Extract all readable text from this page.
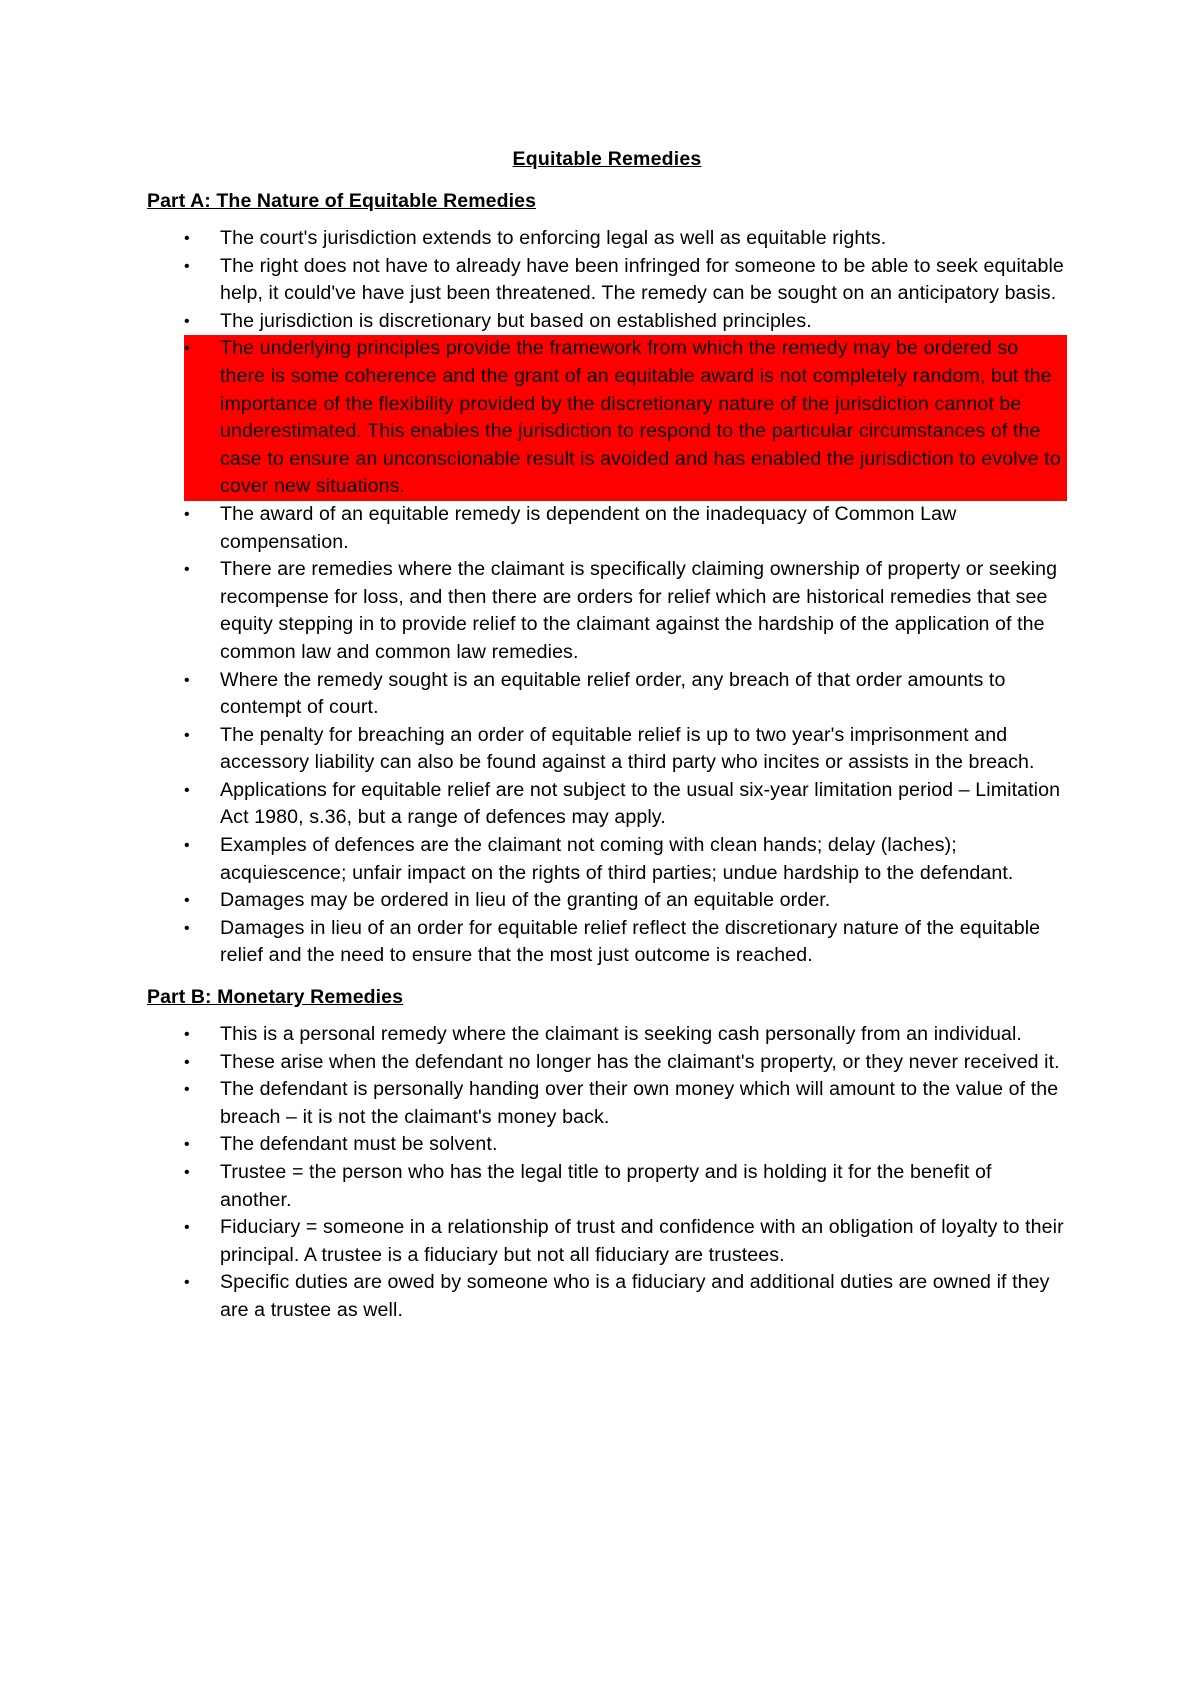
Equitable Remedies
Part A: The Nature of Equitable Remedies
• The court's jurisdiction extends to enforcing legal as well as equitable rights.
• The right does not have to already have been infringed for someone to be able to seek equitable help, it could've have just been threatened. The remedy can be sought on an anticipatory basis.
• The jurisdiction is discretionary but based on established principles.
• The underlying principles provide the framework from which the remedy may be ordered so there is some coherence and the grant of an equitable award is not completely random, but the importance of the flexibility provided by the discretionary nature of the jurisdiction cannot be underestimated. This enables the jurisdiction to respond to the particular circumstances of the case to ensure an unconscionable result is avoided and has enabled the jurisdiction to evolve to cover new situations.
• The award of an equitable remedy is dependent on the inadequacy of Common Law compensation.
• There are remedies where the claimant is specifically claiming ownership of property or seeking recompense for loss, and then there are orders for relief which are historical remedies that see equity stepping in to provide relief to the claimant against the hardship of the application of the common law and common law remedies.
• Where the remedy sought is an equitable relief order, any breach of that order amounts to contempt of court.
• The penalty for breaching an order of equitable relief is up to two year's imprisonment and accessory liability can also be found against a third party who incites or assists in the breach.
• Applications for equitable relief are not subject to the usual six-year limitation period – Limitation Act 1980, s.36, but a range of defences may apply.
• Examples of defences are the claimant not coming with clean hands; delay (laches); acquiescence; unfair impact on the rights of third parties; undue hardship to the defendant.
• Damages may be ordered in lieu of the granting of an equitable order.
• Damages in lieu of an order for equitable relief reflect the discretionary nature of the equitable relief and the need to ensure that the most just outcome is reached.
Part B: Monetary Remedies
• This is a personal remedy where the claimant is seeking cash personally from an individual.
• These arise when the defendant no longer has the claimant's property, or they never received it.
• The defendant is personally handing over their own money which will amount to the value of the breach – it is not the claimant's money back.
• The defendant must be solvent.
• Trustee = the person who has the legal title to property and is holding it for the benefit of another.
• Fiduciary = someone in a relationship of trust and confidence with an obligation of loyalty to their principal. A trustee is a fiduciary but not all fiduciary are trustees.
• Specific duties are owed by someone who is a fiduciary and additional duties are owned if they are a trustee as well.
